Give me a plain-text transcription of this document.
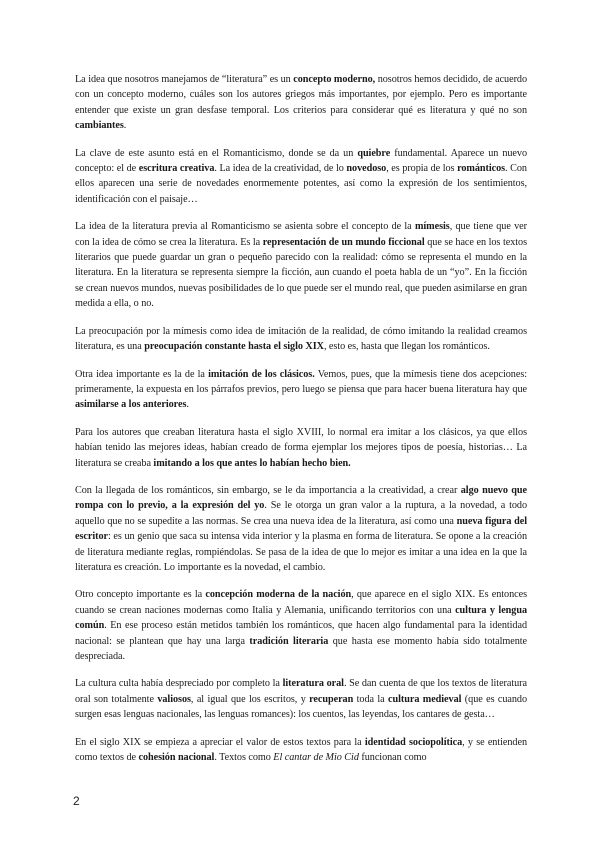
La idea que nosotros manejamos de “literatura” es un concepto moderno, nosotros hemos decidido, de acuerdo con un concepto moderno, cuáles son los autores griegos más importantes, por ejemplo. Pero es importante entender que existe un gran desfase temporal. Los criterios para considerar qué es literatura y qué no son cambiantes.

La clave de este asunto está en el Romanticismo, donde se da un quiebre fundamental. Aparece un nuevo concepto: el de escritura creativa. La idea de la creatividad, de lo novedoso, es propia de los románticos. Con ellos aparecen una serie de novedades enormemente potentes, así como la expresión de los sentimientos, identificación con el paisaje…

La idea de la literatura previa al Romanticismo se asienta sobre el concepto de la mímesis, que tiene que ver con la idea de cómo se crea la literatura. Es la representación de un mundo ficcional que se hace en los textos literarios que puede guardar un gran o pequeño parecido con la realidad: cómo se representa el mundo en la literatura. En la literatura se representa siempre la ficción, aun cuando el poeta habla de un “yo”. En la ficción se crean nuevos mundos, nuevas posibilidades de lo que puede ser el mundo real, que pueden asimilarse en gran medida a ella, o no.

La preocupación por la mímesis como idea de imitación de la realidad, de cómo imitando la realidad creamos literatura, es una preocupación constante hasta el siglo XIX, esto es, hasta que llegan los románticos.

Otra idea importante es la de la imitación de los clásicos. Vemos, pues, que la mímesis tiene dos acepciones: primeramente, la expuesta en los párrafos previos, pero luego se piensa que para hacer buena literatura hay que asimilarse a los anteriores.

Para los autores que creaban literatura hasta el siglo XVIII, lo normal era imitar a los clásicos, ya que ellos habían tenido las mejores ideas, habían creado de forma ejemplar los mejores tipos de poesía, historias… La literatura se creaba imitando a los que antes lo habían hecho bien.

Con la llegada de los románticos, sin embargo, se le da importancia a la creatividad, a crear algo nuevo que rompa con lo previo, a la expresión del yo. Se le otorga un gran valor a la ruptura, a la novedad, a todo aquello que no se supedite a las normas. Se crea una nueva idea de la literatura, así como una nueva figura del escritor: es un genio que saca su intensa vida interior y la plasma en forma de literatura. Se opone a la creación de literatura mediante reglas, rompiéndolas. Se pasa de la idea de que lo mejor es imitar a una idea en la que la literatura es creación. Lo importante es la novedad, el cambio.

Otro concepto importante es la concepción moderna de la nación, que aparece en el siglo XIX. Es entonces cuando se crean naciones modernas como Italia y Alemania, unificando territorios con una cultura y lengua común. En ese proceso están metidos también los románticos, que hacen algo fundamental para la identidad nacional: se plantean que hay una larga tradición literaria que hasta ese momento había sido totalmente despreciada.

La cultura culta había despreciado por completo la literatura oral. Se dan cuenta de que los textos de literatura oral son totalmente valiosos, al igual que los escritos, y recuperan toda la cultura medieval (que es cuando surgen esas lenguas nacionales, las lenguas romances): los cuentos, las leyendas, los cantares de gesta…

En el siglo XIX se empieza a apreciar el valor de estos textos para la identidad sociopolítica, y se entienden como textos de cohesión nacional. Textos como El cantar de Mio Cid funcionan como

2
